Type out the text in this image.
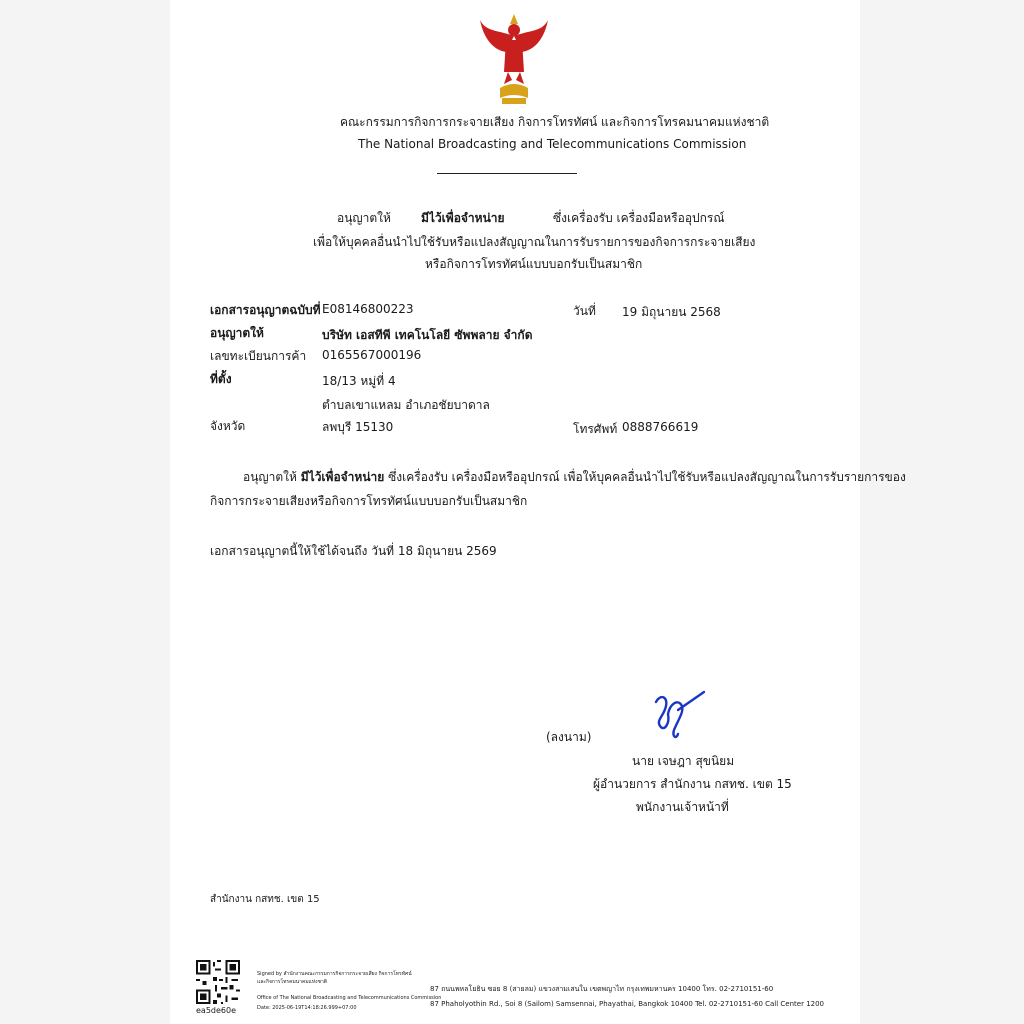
คณะกรรมการกิจการกระจายเสียง กิจการโทรทัศน์ และกิจการโทรคมนาคมแห่งชาติ
The National Broadcasting and Telecommunications Commission
อนุญาตให้	มีไว้เพื่อจำหน่าย	ซึ่งเครื่องรับ เครื่องมือหรืออุปกรณ์
เพื่อให้บุคคลอื่นนำไปใช้รับหรือแปลงสัญญาณในการรับรายการของกิจการกระจายเสียง
หรือกิจการโทรทัศน์แบบบอกรับเป็นสมาชิก
เอกสารอนุญาตฉบับที่ E08146800223	วันที่ 19 มิถุนายน 2568
อนุญาตให้	บริษัท เอสทีพี เทคโนโลยี ซัพพลาย จำกัด
เลขทะเบียนการค้า 0165567000196
ที่ตั้ง	18/13 หมู่ที่ 4
ตำบลเขาแหลม อำเภอชัยบาดาล
จังหวัด	ลพบุรี 15130	โทรศัพท์ 0888766619
อนุญาตให้ มีไว้เพื่อจำหน่าย ซึ่งเครื่องรับ เครื่องมือหรืออุปกรณ์ เพื่อให้บุคคลอื่นนำไปใช้รับหรือแปลงสัญญาณในการรับรายการของ
กิจการกระจายเสียงหรือกิจการโทรทัศน์แบบบอกรับเป็นสมาชิก
เอกสารอนุญาตนี้ให้ใช้ได้จนถึง วันที่ 18 มิถุนายน 2569
(ลงนาม)
นาย เจษฎา สุขนิยม
ผู้อำนวยการ สำนักงาน กสทช. เขต 15
พนักงานเจ้าหน้าที่
สำนักงาน กสทช. เขต 15
ea5de60e
Signed by สำนักงานคณะกรรมการกิจการกระจายเสียง กิจการโทรทัศน์
และกิจการโทรคมนาคมแห่งชาติ
Office of The National Broadcasting and Telecommunications Commission
Date: 2025-06-19T14:18:26.999+07:00
87 ถนนพหลโยธิน ซอย 8 (สายลม) แขวงสามเสนใน เขตพญาไท กรุงเทพมหานคร 10400 โทร. 02-2710151-60
87 Phaholyothin Rd., Soi 8 (Sailom) Samsennai, Phayathai, Bangkok 10400 Tel. 02-2710151-60 Call Center 1200
